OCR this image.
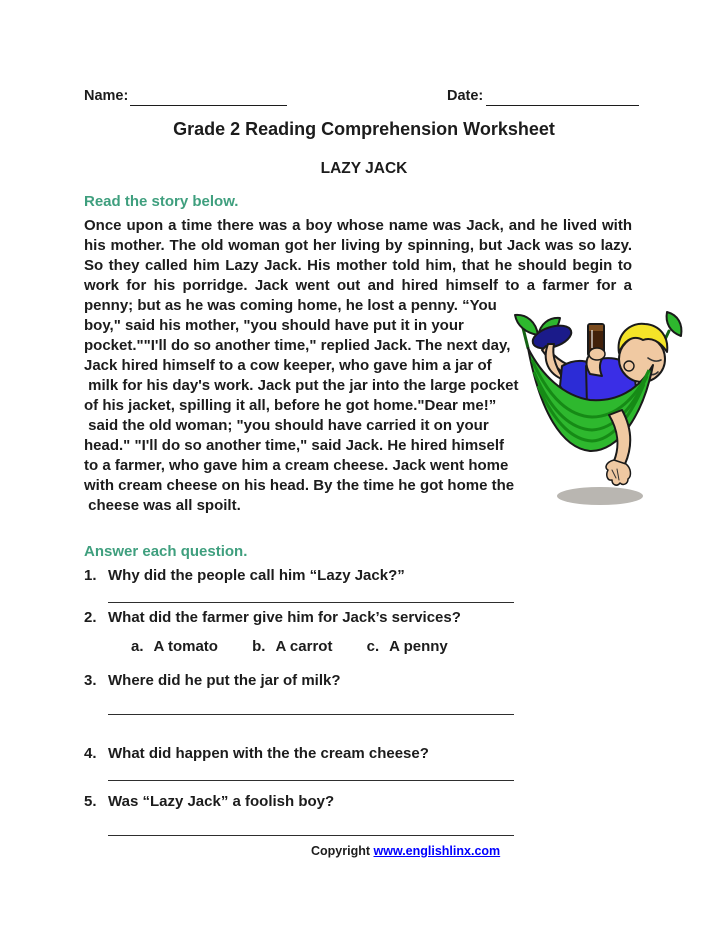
Name:	Date:
Grade 2 Reading Comprehension Worksheet
LAZY JACK
Read the story below.
Once upon a time there was a boy whose name was Jack, and he lived with
his mother. The old woman got her living by spinning, but Jack was so lazy.
So they called him Lazy Jack. His mother told him, that he should begin to
work for his porridge. Jack went out and hired himself to a farmer for a
penny; but as he was coming home, he lost a penny. “You
boy," said his mother, "you should have put it in your
pocket.""I'll do so another time," replied Jack. The next day,
Jack hired himself to a cow keeper, who gave him a jar of
milk for his day's work. Jack put the jar into the large pocket
of his jacket, spilling it all, before he got home."Dear me!”
said the old woman; "you should have carried it on your
head." "I'll do so another time," said Jack. He hired himself
to a farmer, who gave him a cream cheese. Jack went home
with cream cheese on his head. By the time he got home the
cheese was all spoilt.
Answer each question.
1. Why did the people call him “Lazy Jack?”
2. What did the farmer give him for Jack’s services?
a. A tomato b. A carrot c. A penny
3. Where did he put the jar of milk?
4. What did happen with the the cream cheese?
5. Was “Lazy Jack” a foolish boy?
Copyright www.englishlinx.com
